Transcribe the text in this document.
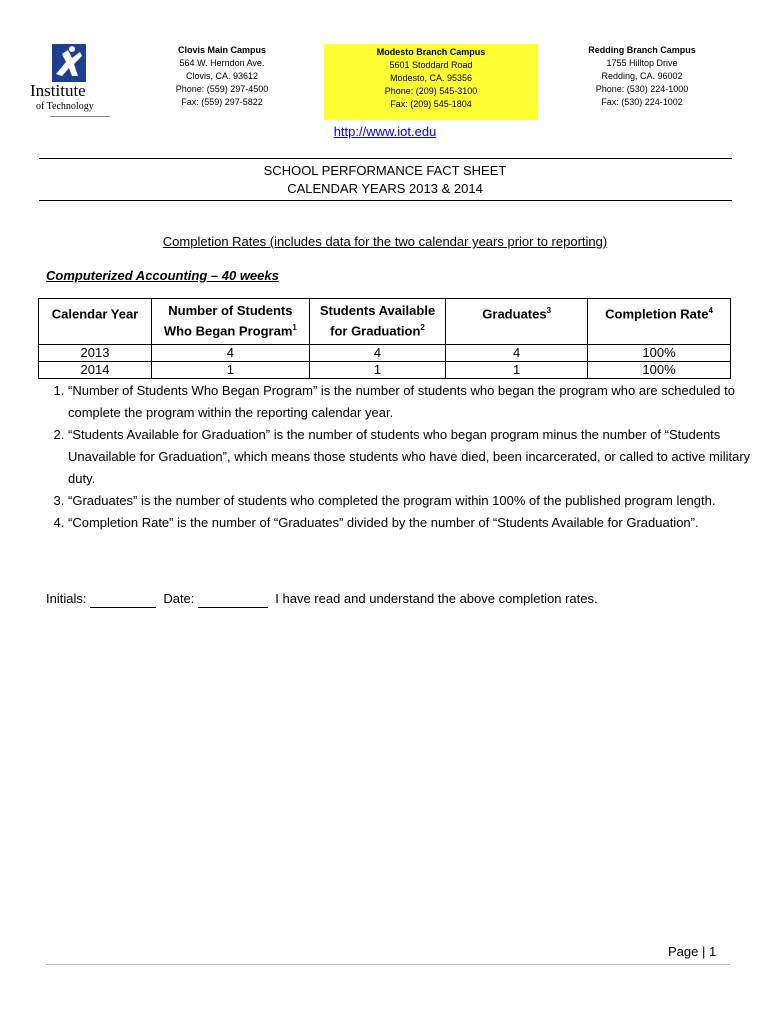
Institute
of Technology
Clovis Main Campus
564 W. Herndon Ave.
Clovis, CA. 93612
Phone: (559) 297-4500
Fax: (559) 297-5822
Modesto Branch Campus
5601 Stoddard Road
Modesto, CA. 95356
Phone: (209) 545-3100
Fax: (209) 545-1804
Redding Branch Campus
1755 Hilltop Drive
Redding, CA. 96002
Phone: (530) 224-1000
Fax: (530) 224-1002
http://www.iot.edu
SCHOOL PERFORMANCE FACT SHEET
CALENDAR YEARS 2013 & 2014
Completion Rates (includes data for the two calendar years prior to reporting)
Computerized Accounting – 40 weeks
Calendar Year	Number of Students Who Began Program$^1$	Students Available for Graduation$^2$	Graduates$^3$	Completion Rate$^4$
2013	4	4	4	100%
2014	1	1	1	100%
1. “Number of Students Who Began Program” is the number of students who began the program who are scheduled to complete the program within the reporting calendar year.
2. “Students Available for Graduation” is the number of students who began program minus the number of “Students Unavailable for Graduation”, which means those students who have died, been incarcerated, or called to active military duty.
3. “Graduates” is the number of students who completed the program within 100% of the published program length.
4. “Completion Rate” is the number of “Graduates” divided by the number of “Students Available for Graduation”.
Initials:	Date:	I have read and understand the above completion rates.
Page | 1
